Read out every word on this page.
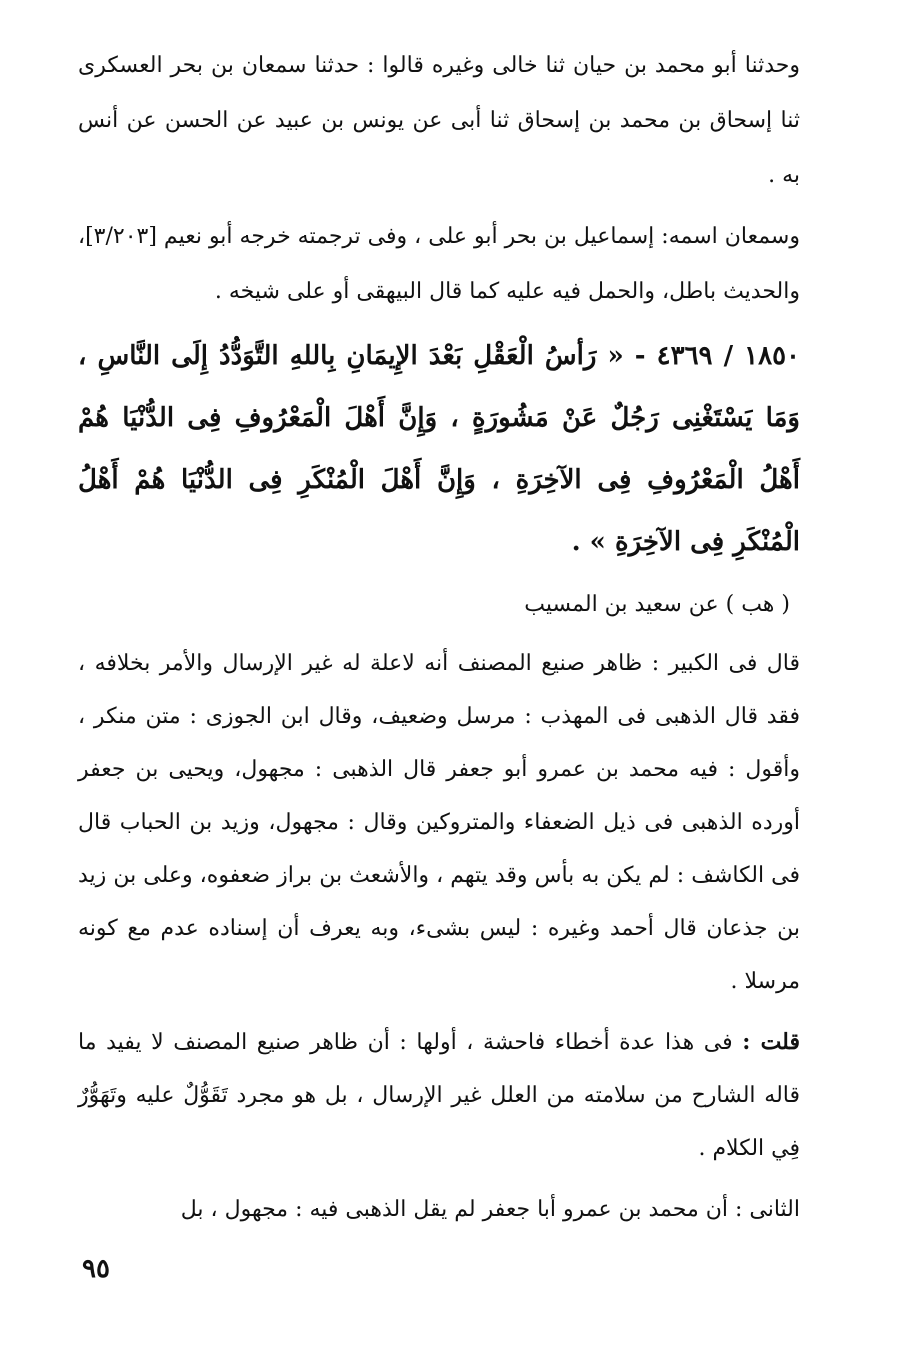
وحدثنا أبو محمد بن حيان ثنا خالى وغيره قالوا : حدثنا سمعان بن بحر العسكرى ثنا إسحاق بن محمد بن إسحاق ثنا أبى عن يونس بن عبيد عن الحسن عن أنس به .

وسمعان اسمه: إسماعيل بن بحر أبو على ، وفى ترجمته خرجه أبو نعيم [٣/٢٠٣]، والحديث باطل، والحمل فيه عليه كما قال البيهقى أو على شيخه .

١٨٥٠ / ٤٣٦٩ - « رَأسُ الْعَقْلِ بَعْدَ الإِيمَانِ بِاللهِ التَّوَدُّدُ إِلَى النَّاسِ ، وَمَا يَسْتَغْنِى رَجُلٌ عَنْ مَشُورَةٍ ، وَإِنَّ أَهْلَ الْمَعْرُوفِ فِى الدُّنْيَا هُمْ أَهْلُ الْمَعْرُوفِ فِى الآخِرَةِ ، وَإِنَّ أَهْلَ الْمُنْكَرِ فِى الدُّنْيَا هُمْ أَهْلُ الْمُنْكَرِ فِى الآخِرَةِ » .

( هب ) عن سعيد بن المسيب

قال فى الكبير : ظاهر صنيع المصنف أنه لاعلة له غير الإرسال والأمر بخلافه ، فقد قال الذهبى فى المهذب : مرسل وضعيف، وقال ابن الجوزى : متن منكر ، وأقول : فيه محمد بن عمرو أبو جعفر قال الذهبى : مجهول، ويحيى بن جعفر أورده الذهبى فى ذيل الضعفاء والمتروكين وقال : مجهول، وزيد بن الحباب قال فى الكاشف : لم يكن به بأس وقد يتهم ، والأشعث بن براز ضعفوه، وعلى بن زيد بن جذعان قال أحمد وغيره : ليس بشىء، وبه يعرف أن إسناده عدم مع كونه مرسلا .

قلت : فى هذا عدة أخطاء فاحشة ، أولها : أن ظاهر صنيع المصنف لا يفيد ما قاله الشارح من سلامته من العلل غير الإرسال ، بل هو مجرد تَقَوُّلٌ عليه وتَهَوُّرٌ فِي الكلام .

الثانى : أن محمد بن عمرو أبا جعفر لم يقل الذهبى فيه : مجهول ، بل

٩٥
